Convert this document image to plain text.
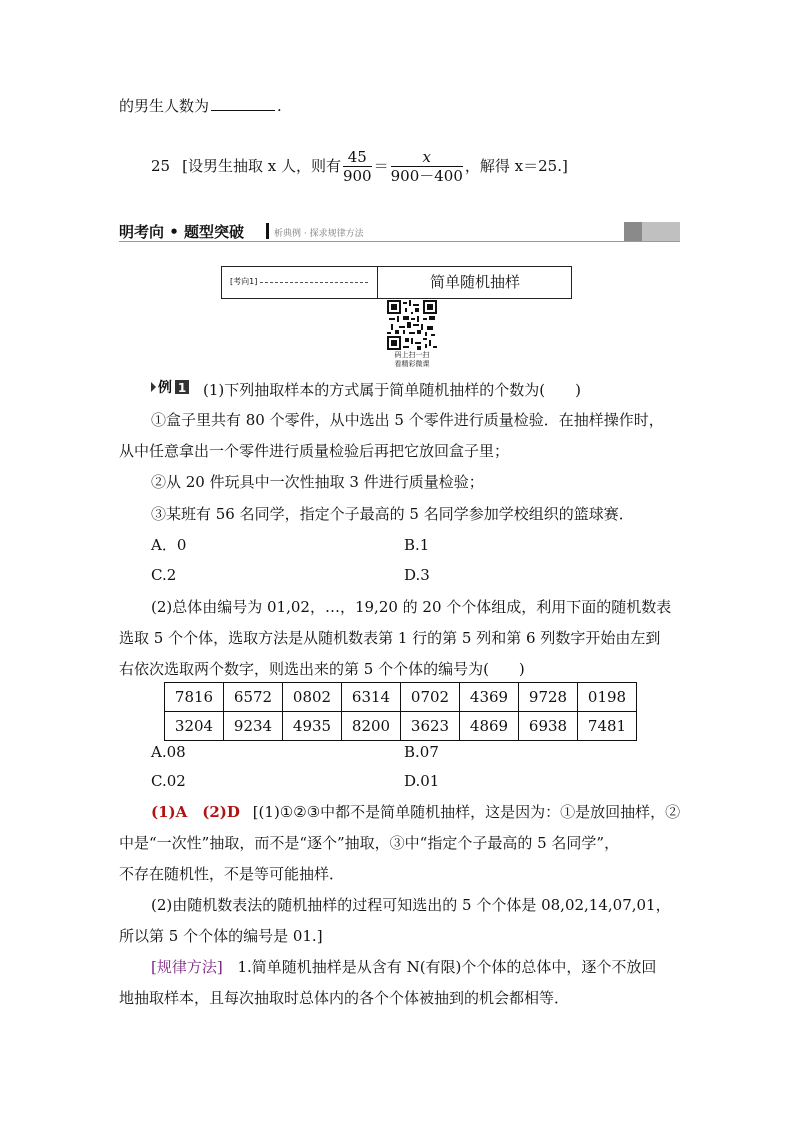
的男生人数为	.
25 [设男生抽取 x 人，则有 $\frac{45}{900} = \frac{x}{900-400}$ ，解得 x＝25.]
明考向 • 题型突破	析典例 · 探求规律方法
[考向1]	简单随机抽样
码上扫一扫
看精彩微课
例 1 (1)下列抽取样本的方式属于简单随机抽样的个数为(　　)
①盒子里共有 80 个零件，从中选出 5 个零件进行质量检验．在抽样操作时，
从中任意拿出一个零件进行质量检验后再把它放回盒子里；
②从 20 件玩具中一次性抽取 3 件进行质量检验；
③某班有 56 名同学，指定个子最高的 5 名同学参加学校组织的篮球赛．
A．0	B.1
C.2	D.3
(2)总体由编号为 01,02，…，19,20 的 20 个个体组成，利用下面的随机数表
选取 5 个个体，选取方法是从随机数表第 1 行的第 5 列和第 6 列数字开始由左到
右依次选取两个数字，则选出来的第 5 个个体的编号为(　　)
7816	6572	0802	6314	0702	4369	9728	0198
3204	9234	4935	8200	3623	4869	6938	7481
A.08	B.07
C.02	D.01
(1)A　(2)D [(1)①②③中都不是简单随机抽样，这是因为：①是放回抽样，②
中是“一次性”抽取，而不是“逐个”抽取，③中“指定个子最高的 5 名同学”，
不存在随机性，不是等可能抽样．
(2)由随机数表法的随机抽样的过程可知选出的 5 个个体是 08,02,14,07,01，
所以第 5 个个体的编号是 01.]
[规律方法] 1.简单随机抽样是从含有 N(有限)个个体的总体中，逐个不放回
地抽取样本，且每次抽取时总体内的各个个体被抽到的机会都相等．
